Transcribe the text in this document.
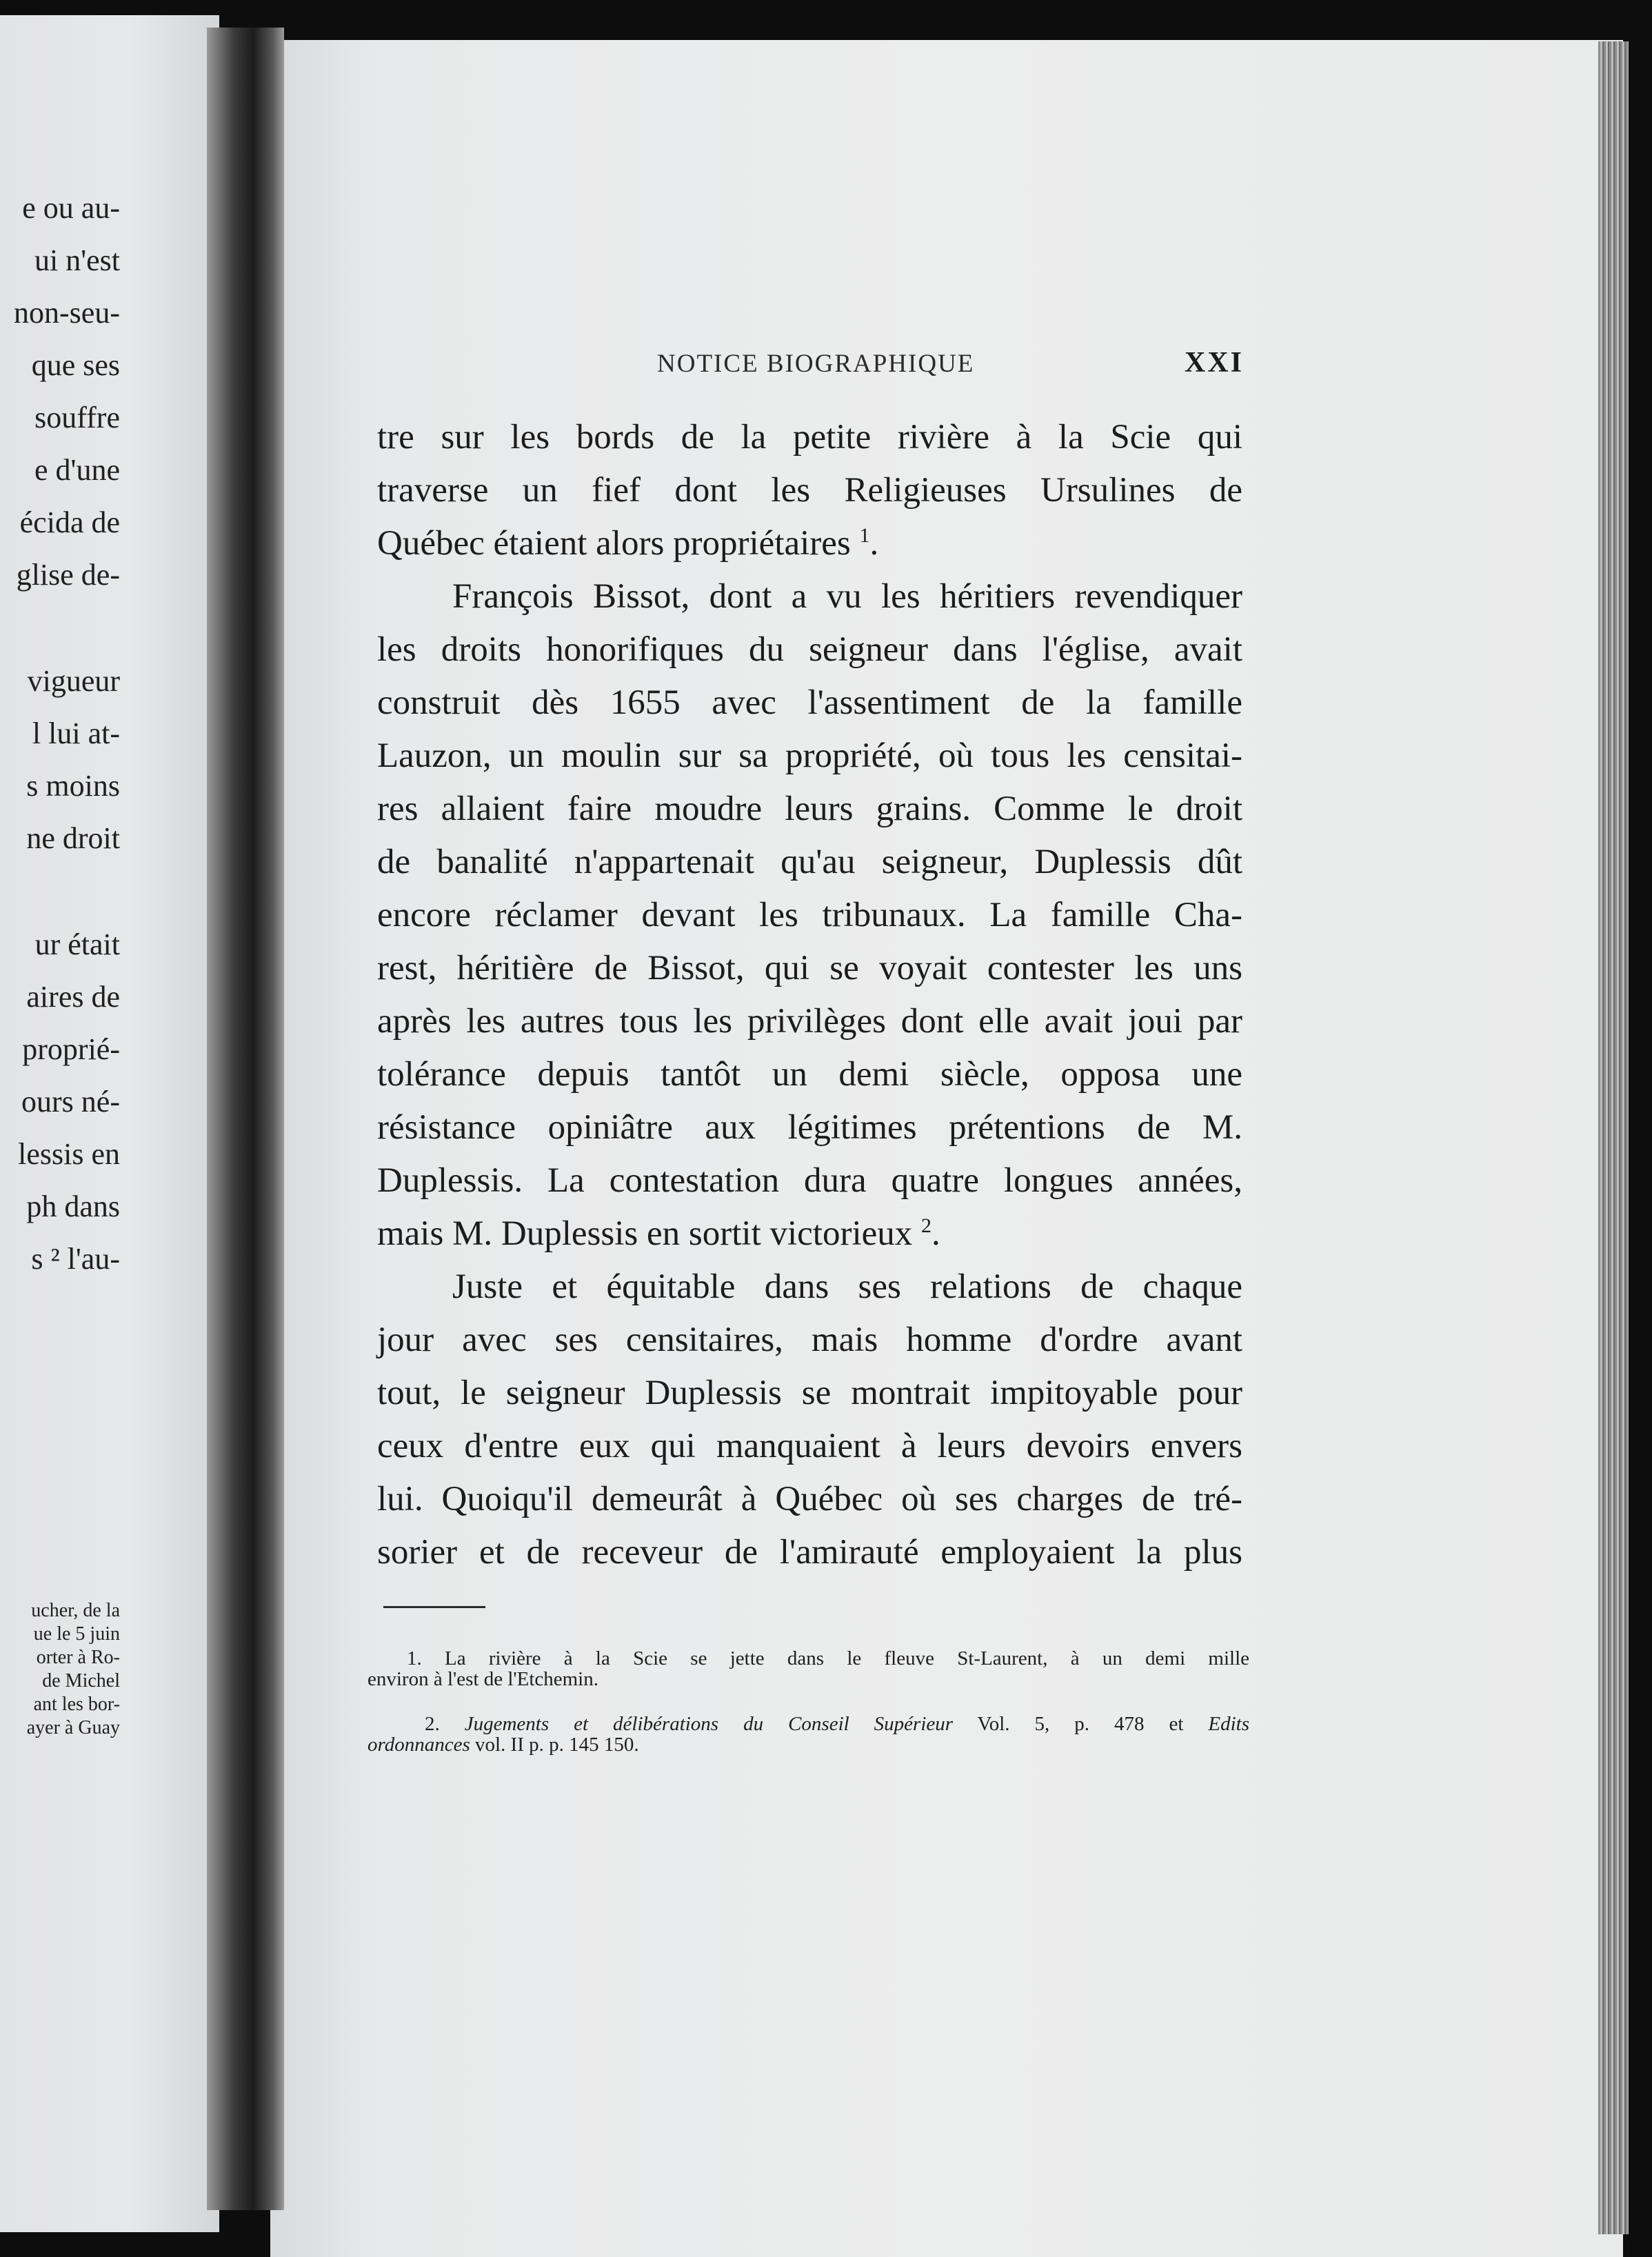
e ou au-
ui n'est
non-seu-
que ses
souffre
e d'une
écida de
glise de-
vigueur
l lui at-
s moins
ne droit
ur était
aires de
proprié-
ours né-
lessis en
ph dans
s ² l'au-
ucher, de la
ue le 5 juin
orter à Ro-
de Michel
ant les bor-
ayer à Guay
NOTICE BIOGRAPHIQUE	XXI
tre sur les bords de la petite rivière à la Scie qui
traverse un fief dont les Religieuses Ursulines de
Québec étaient alors propriétaires $^1$.
François Bissot, dont a vu les héritiers revendiquer
les droits honorifiques du seigneur dans l'église, avait
construit dès 1655 avec l'assentiment de la famille
Lauzon, un moulin sur sa propriété, où tous les censitai-
res allaient faire moudre leurs grains. Comme le droit
de banalité n'appartenait qu'au seigneur, Duplessis dût
encore réclamer devant les tribunaux. La famille Cha-
rest, héritière de Bissot, qui se voyait contester les uns
après les autres tous les privilèges dont elle avait joui par
tolérance depuis tantôt un demi siècle, opposa une
résistance opiniâtre aux légitimes prétentions de M.
Duplessis. La contestation dura quatre longues années,
mais M. Duplessis en sortit victorieux $^2$.
Juste et équitable dans ses relations de chaque
jour avec ses censitaires, mais homme d'ordre avant
tout, le seigneur Duplessis se montrait impitoyable pour
ceux d'entre eux qui manquaient à leurs devoirs envers
lui. Quoiqu'il demeurât à Québec où ses charges de tré-
sorier et de receveur de l'amirauté employaient la plus
1. La rivière à la Scie se jette dans le fleuve St-Laurent, à un demi mille
environ à l'est de l'Etchemin.
2. Jugements et délibérations du Conseil Supérieur Vol. 5, p. 478 et Edits
ordonnances vol. II p. p. 145 150.
